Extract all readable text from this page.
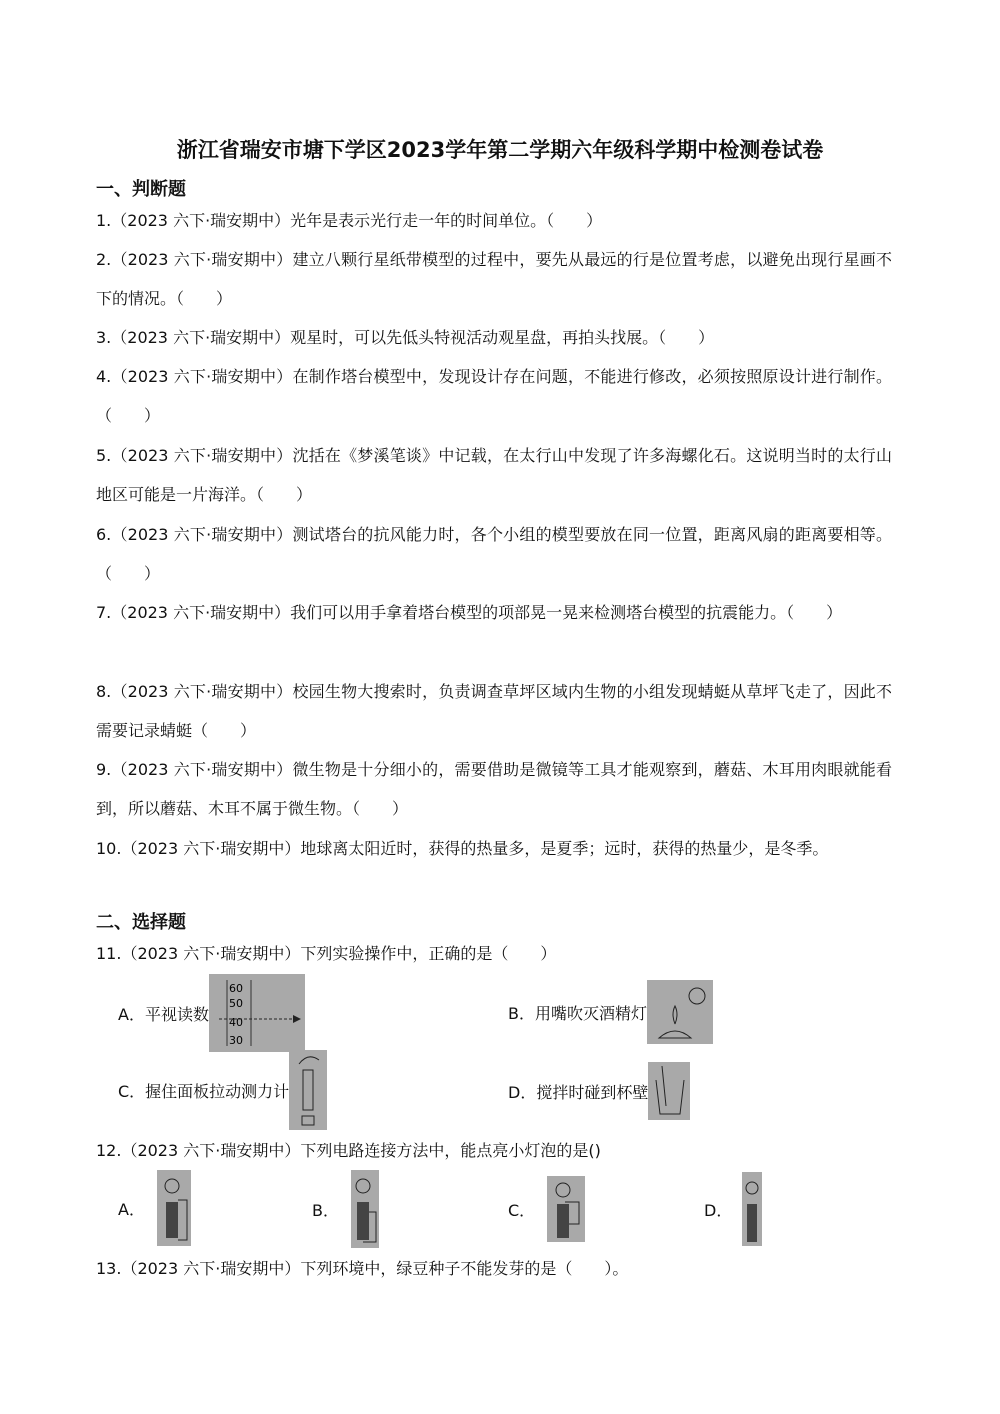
浙江省瑞安市塘下学区2023学年第二学期六年级科学期中检测卷试卷
一、判断题
1.（2023 六下·瑞安期中）光年是表示光行走一年的时间单位。（　　）
2.（2023 六下·瑞安期中）建立八颗行星纸带模型的过程中，要先从最远的行是位置考虑，以避免出现行星画不下的情况。（　　）
3.（2023 六下·瑞安期中）观星时，可以先低头特视活动观星盘，再拍头找展。（　　）
4.（2023 六下·瑞安期中）在制作塔台模型中，发现设计存在问题，不能进行修改，必须按照原设计进行制作。（　　）
5.（2023 六下·瑞安期中）沈括在《梦溪笔谈》中记载，在太行山中发现了许多海螺化石。这说明当时的太行山地区可能是一片海洋。（　　）
6.（2023 六下·瑞安期中）测试塔台的抗风能力时，各个小组的模型要放在同一位置，距离风扇的距离要相等。（　　）
7.（2023 六下·瑞安期中）我们可以用手拿着塔台模型的项部晃一晃来检测塔台模型的抗震能力。（　　）
8.（2023 六下·瑞安期中）校园生物大搜索时，负责调查草坪区域内生物的小组发现蜻蜓从草坪飞走了，因此不需要记录蜻蜓（　　）
9.（2023 六下·瑞安期中）微生物是十分细小的，需要借助是微镜等工具才能观察到，蘑菇、木耳用肉眼就能看到，所以蘑菇、木耳不属于微生物。（　　）
10.（2023 六下·瑞安期中）地球离太阳近时，获得的热量多，是夏季；远时，获得的热量少，是冬季。
二、选择题
11.（2023 六下·瑞安期中）下列实验操作中，正确的是（　　）
A．平视读数
60
50
40
30
B．用嘴吹灭酒精灯
C．握住面板拉动测力计	D．搅拌时碰到杯壁
12.（2023 六下·瑞安期中）下列电路连接方法中，能点亮小灯泡的是()
A．	B．	C．	D．
13.（2023 六下·瑞安期中）下列环境中，绿豆种子不能发芽的是（　　）。
